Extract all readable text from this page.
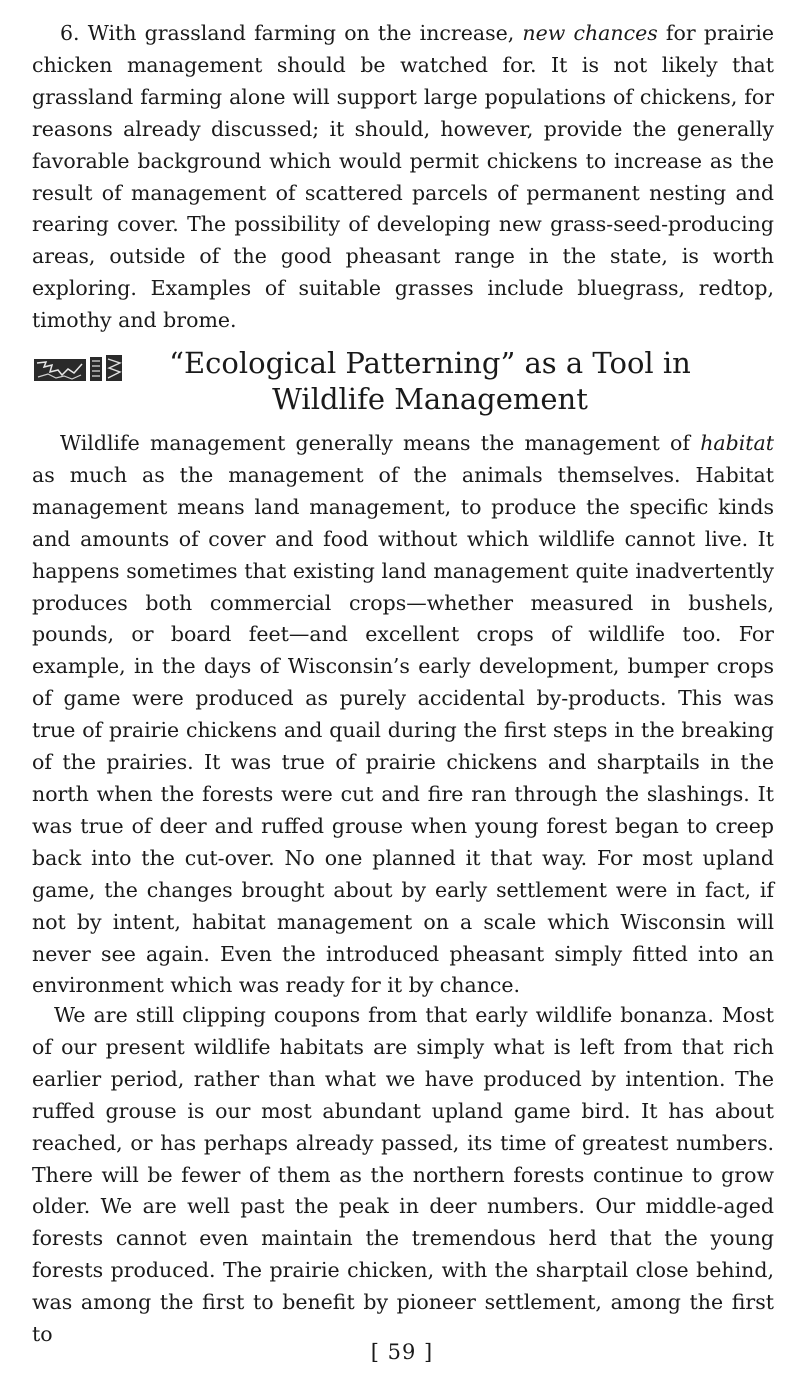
6. With grassland farming on the increase, new chances for prairie chicken management should be watched for. It is not likely that grassland farming alone will support large populations of chickens, for reasons already discussed; it should, however, provide the generally favorable background which would permit chickens to increase as the result of management of scattered parcels of permanent nesting and rearing cover. The possibility of developing new grass-seed-producing areas, outside of the good pheasant range in the state, is worth exploring. Examples of suitable grasses include bluegrass, redtop, timothy and brome.

“Ecological Patterning” as a Tool in
Wildlife Management

Wildlife management generally means the management of habitat as much as the management of the animals themselves. Habitat management means land management, to produce the specific kinds and amounts of cover and food without which wildlife cannot live. It happens sometimes that existing land management quite inadvertently produces both commercial crops—whether measured in bushels, pounds, or board feet—and excellent crops of wildlife too. For example, in the days of Wisconsin’s early development, bumper crops of game were produced as purely accidental by-products. This was true of prairie chickens and quail during the first steps in the breaking of the prairies. It was true of prairie chickens and sharptails in the north when the forests were cut and fire ran through the slashings. It was true of deer and ruffed grouse when young forest began to creep back into the cut-over. No one planned it that way. For most upland game, the changes brought about by early settlement were in fact, if not by intent, habitat management on a scale which Wisconsin will never see again. Even the introduced pheasant simply fitted into an environment which was ready for it by chance.

We are still clipping coupons from that early wildlife bonanza. Most of our present wildlife habitats are simply what is left from that rich earlier period, rather than what we have produced by intention. The ruffed grouse is our most abundant upland game bird. It has about reached, or has perhaps already passed, its time of greatest numbers. There will be fewer of them as the northern forests continue to grow older. We are well past the peak in deer numbers. Our middle-aged forests cannot even maintain the tremendous herd that the young forests produced. The prairie chicken, with the sharptail close behind, was among the first to benefit by pioneer settlement, among the first to

[ 59 ]
